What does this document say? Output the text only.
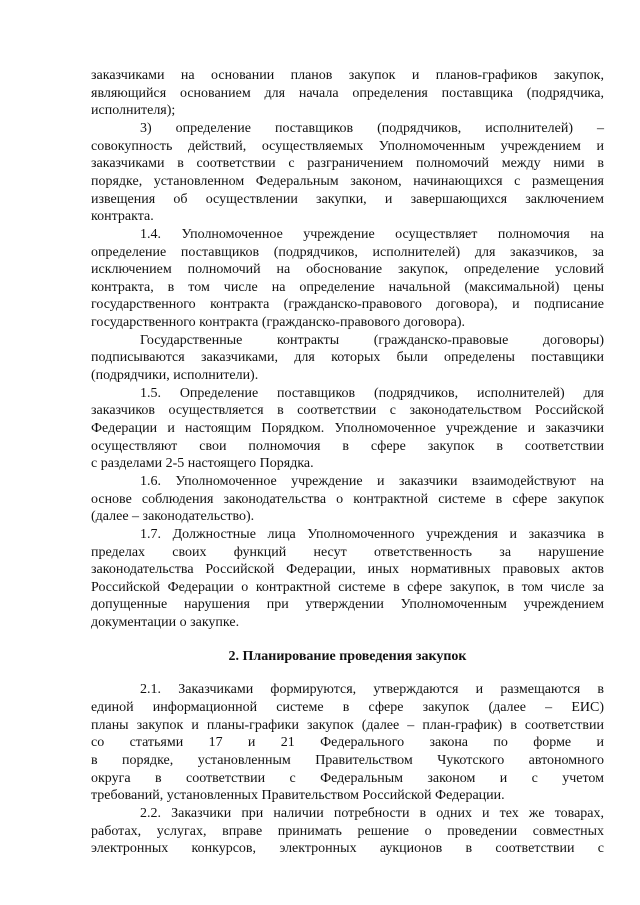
заказчиками на основании планов закупок и планов-графиков закупок,
являющийся основанием для начала определения поставщика (подрядчика,
исполнителя);
3) определение поставщиков (подрядчиков, исполнителей) –
совокупность действий, осуществляемых Уполномоченным учреждением и
заказчиками в соответствии с разграничением полномочий между ними в
порядке, установленном Федеральным законом, начинающихся с размещения
извещения об осуществлении закупки, и завершающихся заключением
контракта.
1.4. Уполномоченное учреждение осуществляет полномочия на
определение поставщиков (подрядчиков, исполнителей) для заказчиков, за
исключением полномочий на обоснование закупок, определение условий
контракта, в том числе на определение начальной (максимальной) цены
государственного контракта (гражданско-правового договора), и подписание
государственного контракта (гражданско-правового договора).
Государственные контракты (гражданско-правовые договоры)
подписываются заказчиками, для которых были определены поставщики
(подрядчики, исполнители).
1.5. Определение поставщиков (подрядчиков, исполнителей) для
заказчиков осуществляется в соответствии с законодательством Российской
Федерации и настоящим Порядком. Уполномоченное учреждение и заказчики
осуществляют свои полномочия в сфере закупок в соответствии
с разделами 2-5 настоящего Порядка.
1.6. Уполномоченное учреждение и заказчики взаимодействуют на
основе соблюдения законодательства о контрактной системе в сфере закупок
(далее – законодательство).
1.7. Должностные лица Уполномоченного учреждения и заказчика в
пределах своих функций несут ответственность за нарушение
законодательства Российской Федерации, иных нормативных правовых актов
Российской Федерации о контрактной системе в сфере закупок, в том числе за
допущенные нарушения при утверждении Уполномоченным учреждением
документации о закупке.
2. Планирование проведения закупок
2.1. Заказчиками формируются, утверждаются и размещаются в
единой информационной системе в сфере закупок (далее – ЕИС)
планы закупок и планы-графики закупок (далее – план-график) в соответствии
со статьями 17 и 21 Федерального закона по форме и
в порядке, установленным Правительством Чукотского автономного
округа в соответствии с Федеральным законом и с учетом
требований, установленных Правительством Российской Федерации.
2.2. Заказчики при наличии потребности в одних и тех же товарах,
работах, услугах, вправе принимать решение о проведении совместных
электронных конкурсов, электронных аукционов в соответствии с
